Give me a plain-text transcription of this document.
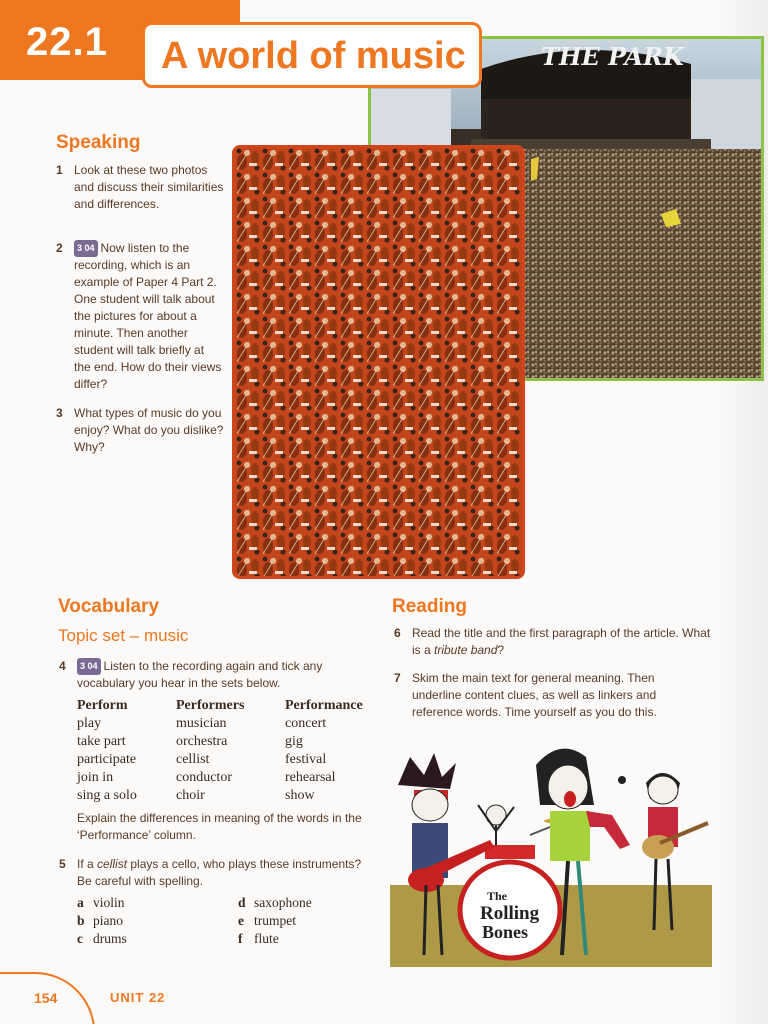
22.1	THE PARK
A world of music
Speaking
1 Look at these two photos and discuss their similarities and differences.
2 3 04 Now listen to the recording, which is an example of Paper 4 Part 2. One student will talk about the pictures for about a minute. Then another student will talk briefly at the end. How do their views differ?
3 What types of music do you enjoy? What do you dislike? Why?
Vocabulary
Topic set – music
4 3 04 Listen to the recording again and tick any vocabulary you hear in the sets below.
Perform
play
take part
participate
join in
sing a solo
Performers
musician
orchestra
cellist
conductor
choir
Performance
concert
gig
festival
rehearsal
show
Explain the differences in meaning of the words in the ‘Performance’ column.
5 If a cellist plays a cello, who plays these instruments? Be careful with spelling.
a violin
b piano
c drums
d saxophone
e trumpet
f flute
Reading
6 Read the title and the first paragraph of the article. What is a tribute band?
7 Skim the main text for general meaning. Then underline content clues, as well as linkers and reference words. Time yourself as you do this.
The
Rolling
Bones
154	UNIT 22
